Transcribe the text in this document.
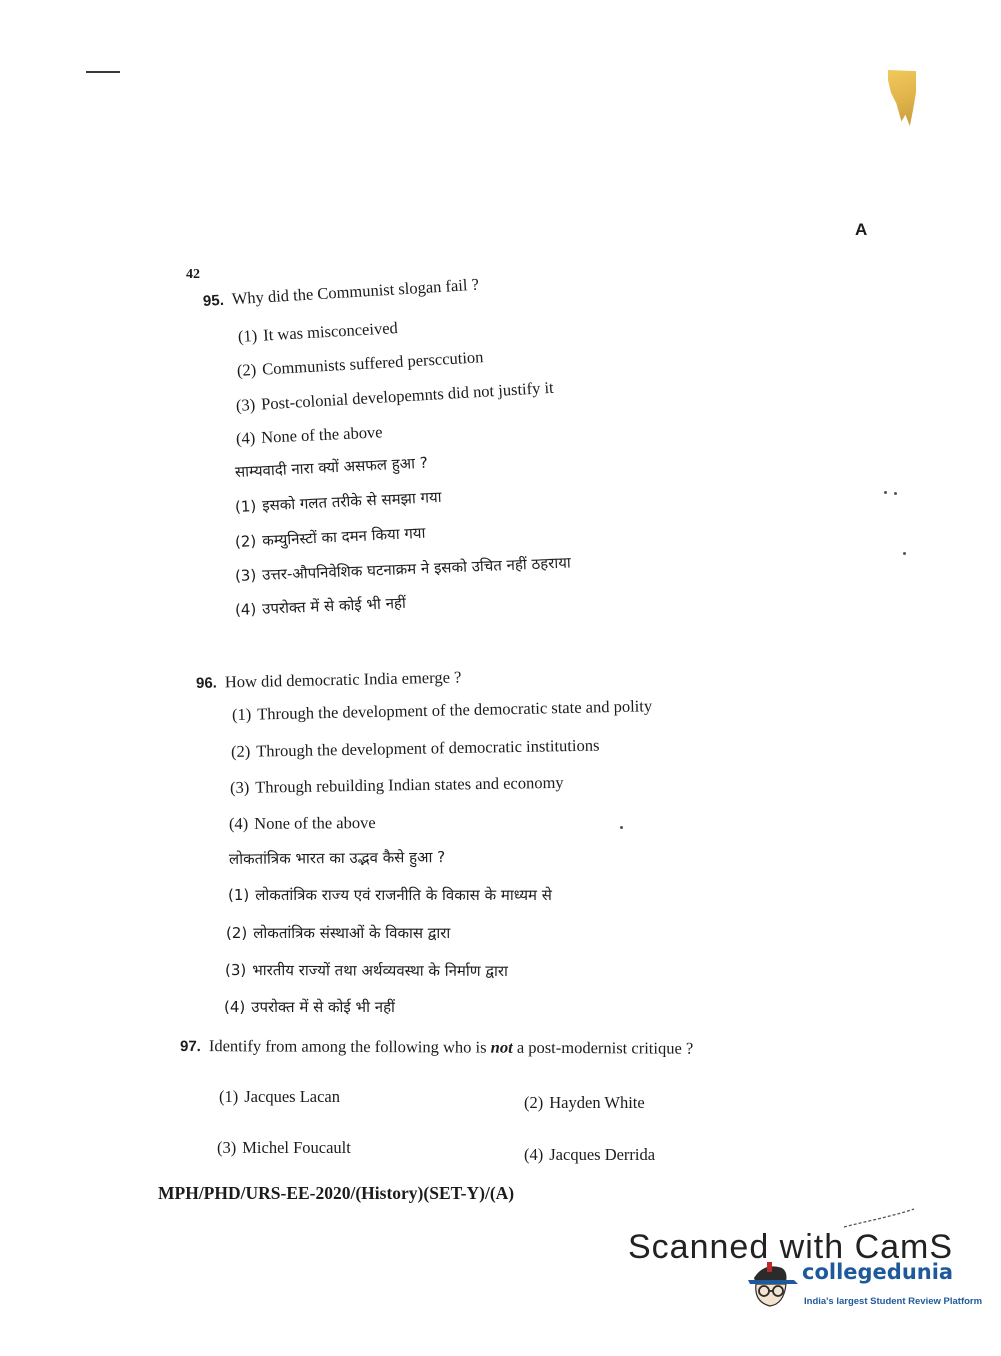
A
42
95. Why did the Communist slogan fail ?
(1) It was misconceived
(2) Communists suffered persccution
(3) Post-colonial developemnts did not justify it
(4) None of the above
साम्यवादी नारा क्यों असफल हुआ ?
(1) इसको गलत तरीके से समझा गया
(2) कम्युनिस्टों का दमन किया गया
(3) उत्तर-औपनिवेशिक घटनाक्रम ने इसको उचित नहीं ठहराया
(4) उपरोक्त में से कोई भी नहीं
96. How did democratic India emerge ?
(1) Through the development of the democratic state and polity
(2) Through the development of democratic institutions
(3) Through rebuilding Indian states and economy
(4) None of the above
लोकतांत्रिक भारत का उद्भव कैसे हुआ ?
(1) लोकतांत्रिक राज्य एवं राजनीति के विकास के माध्यम से
(2) लोकतांत्रिक संस्थाओं के विकास द्वारा
(3) भारतीय राज्यों तथा अर्थव्यवस्था के निर्माण द्वारा
(4) उपरोक्त में से कोई भी नहीं
97. Identify from among the following who is not a post-modernist critique ?
(1) Jacques Lacan	(2) Hayden White
(3) Michel Foucault	(4) Jacques Derrida
MPH/PHD/URS-EE-2020/(History)(SET-Y)/(A)
Scanned with CamS
collegedunia
India's largest Student Review Platform
